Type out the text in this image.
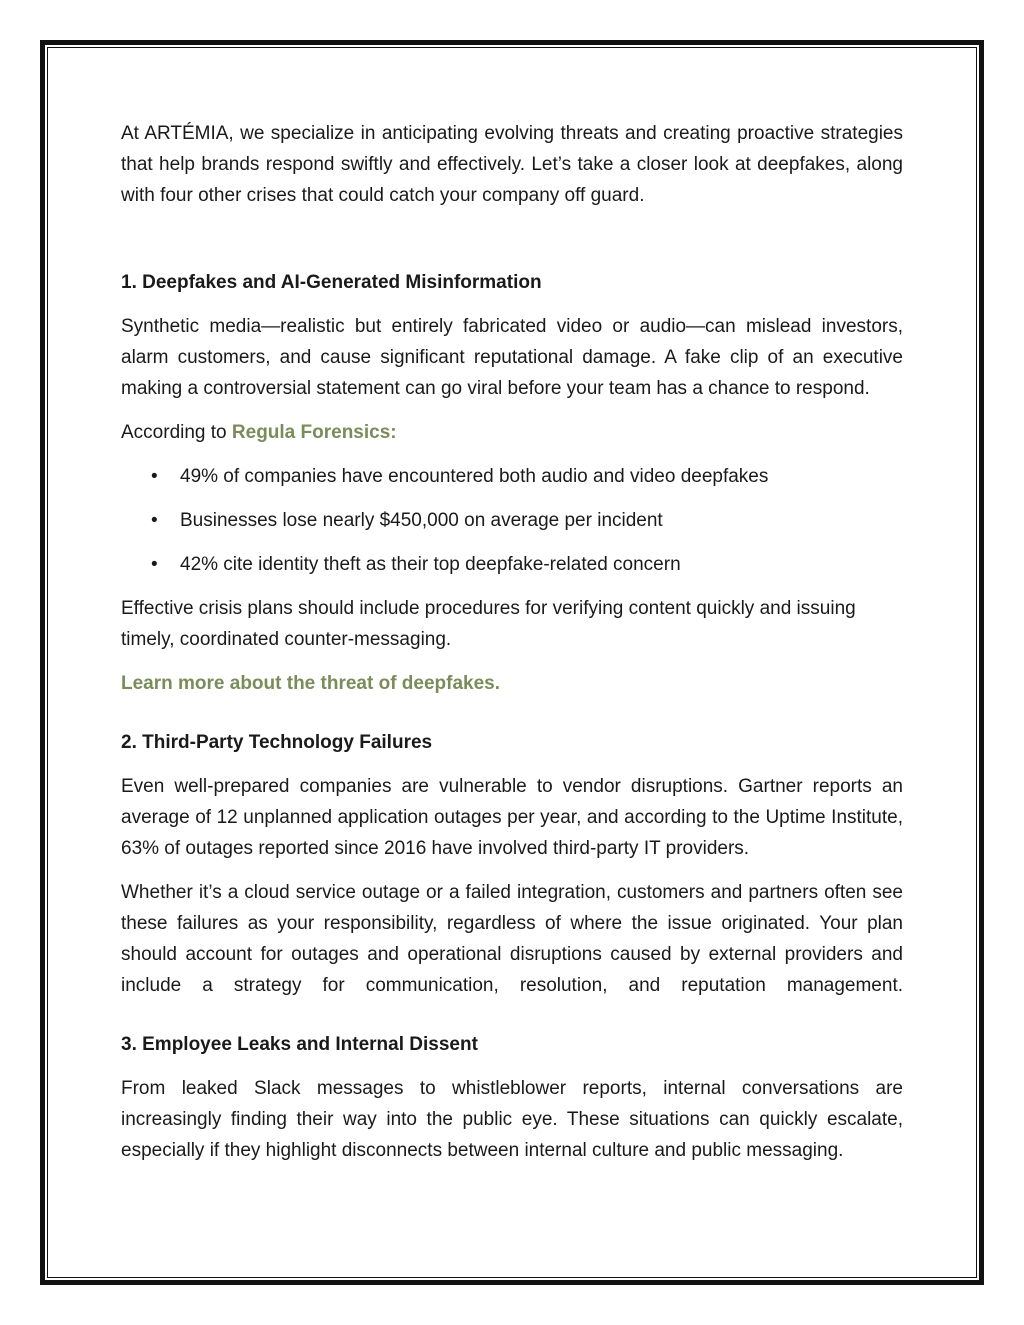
At ARTÉMIA, we specialize in anticipating evolving threats and creating proactive strategies that help brands respond swiftly and effectively. Let’s take a closer look at deepfakes, along with four other crises that could catch your company off guard.

1. Deepfakes and AI-Generated Misinformation

Synthetic media—realistic but entirely fabricated video or audio—can mislead investors, alarm customers, and cause significant reputational damage. A fake clip of an executive making a controversial statement can go viral before your team has a chance to respond.

According to Regula Forensics:

• 49% of companies have encountered both audio and video deepfakes
• Businesses lose nearly $450,000 on average per incident
• 42% cite identity theft as their top deepfake-related concern

Effective crisis plans should include procedures for verifying content quickly and issuing timely, coordinated counter-messaging.

Learn more about the threat of deepfakes.

2. Third-Party Technology Failures

Even well-prepared companies are vulnerable to vendor disruptions. Gartner reports an average of 12 unplanned application outages per year, and according to the Uptime Institute, 63% of outages reported since 2016 have involved third-party IT providers.

Whether it’s a cloud service outage or a failed integration, customers and partners often see these failures as your responsibility, regardless of where the issue originated. Your plan should account for outages and operational disruptions caused by external providers and include a strategy for communication, resolution, and reputation management.

3. Employee Leaks and Internal Dissent

From leaked Slack messages to whistleblower reports, internal conversations are increasingly finding their way into the public eye. These situations can quickly escalate, especially if they highlight disconnects between internal culture and public messaging.
